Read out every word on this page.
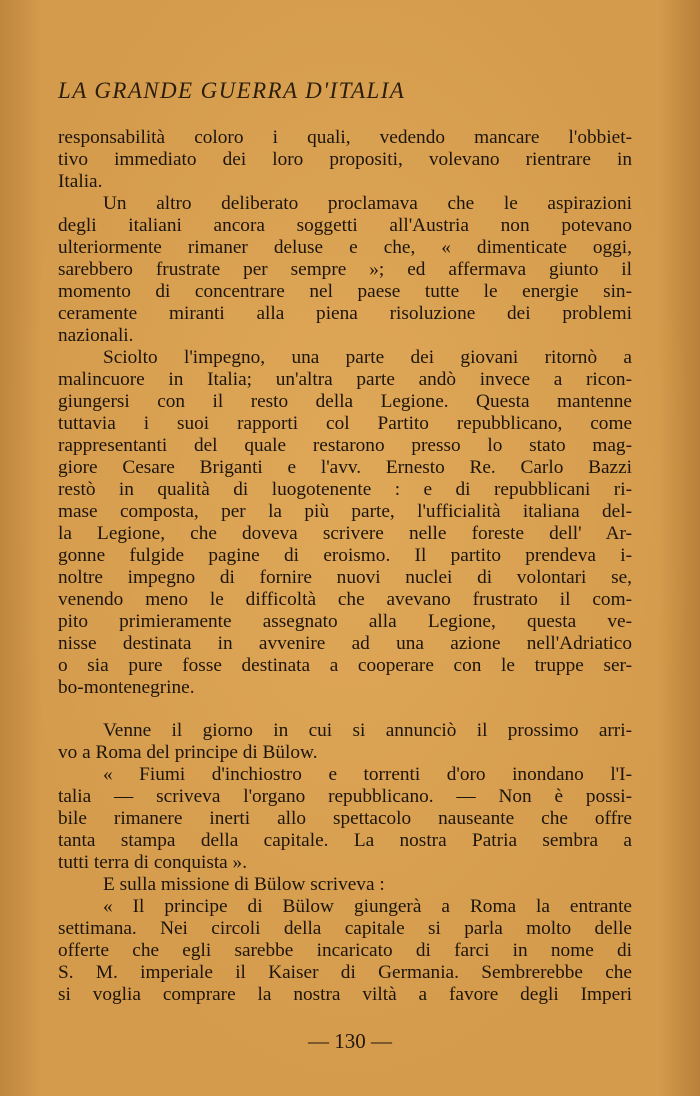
LA GRANDE GUERRA D'ITALIA
responsabilità coloro i quali, vedendo mancare l'obbiet-
tivo immediato dei loro propositi, volevano rientrare in
Italia.
Un altro deliberato proclamava che le aspirazioni
degli italiani ancora soggetti all'Austria non potevano
ulteriormente rimaner deluse e che, « dimenticate oggi,
sarebbero frustrate per sempre »; ed affermava giunto il
momento di concentrare nel paese tutte le energie sin-
ceramente miranti alla piena risoluzione dei problemi
nazionali.
Sciolto l'impegno, una parte dei giovani ritornò a
malincuore in Italia; un'altra parte andò invece a ricon-
giungersi con il resto della Legione. Questa mantenne
tuttavia i suoi rapporti col Partito repubblicano, come
rappresentanti del quale restarono presso lo stato mag-
giore Cesare Briganti e l'avv. Ernesto Re. Carlo Bazzi
restò in qualità di luogotenente : e di repubblicani ri-
mase composta, per la più parte, l'ufficialità italiana del-
la Legione, che doveva scrivere nelle foreste dell' Ar-
gonne fulgide pagine di eroismo. Il partito prendeva i-
noltre impegno di fornire nuovi nuclei di volontari se,
venendo meno le difficoltà che avevano frustrato il com-
pito primieramente assegnato alla Legione, questa ve-
nisse destinata in avvenire ad una azione nell'Adriatico
o sia pure fosse destinata a cooperare con le truppe ser-
bo-montenegrine.
Venne il giorno in cui si annunciò il prossimo arri-
vo a Roma del principe di Bülow.
« Fiumi d'inchiostro e torrenti d'oro inondano l'I-
talia — scriveva l'organo repubblicano. — Non è possi-
bile rimanere inerti allo spettacolo nauseante che offre
tanta stampa della capitale. La nostra Patria sembra a
tutti terra di conquista ».
E sulla missione di Bülow scriveva :
« Il principe di Bülow giungerà a Roma la entrante
settimana. Nei circoli della capitale si parla molto delle
offerte che egli sarebbe incaricato di farci in nome di
S. M. imperiale il Kaiser di Germania. Sembrerebbe che
si voglia comprare la nostra viltà a favore degli Imperi
— 130 —
